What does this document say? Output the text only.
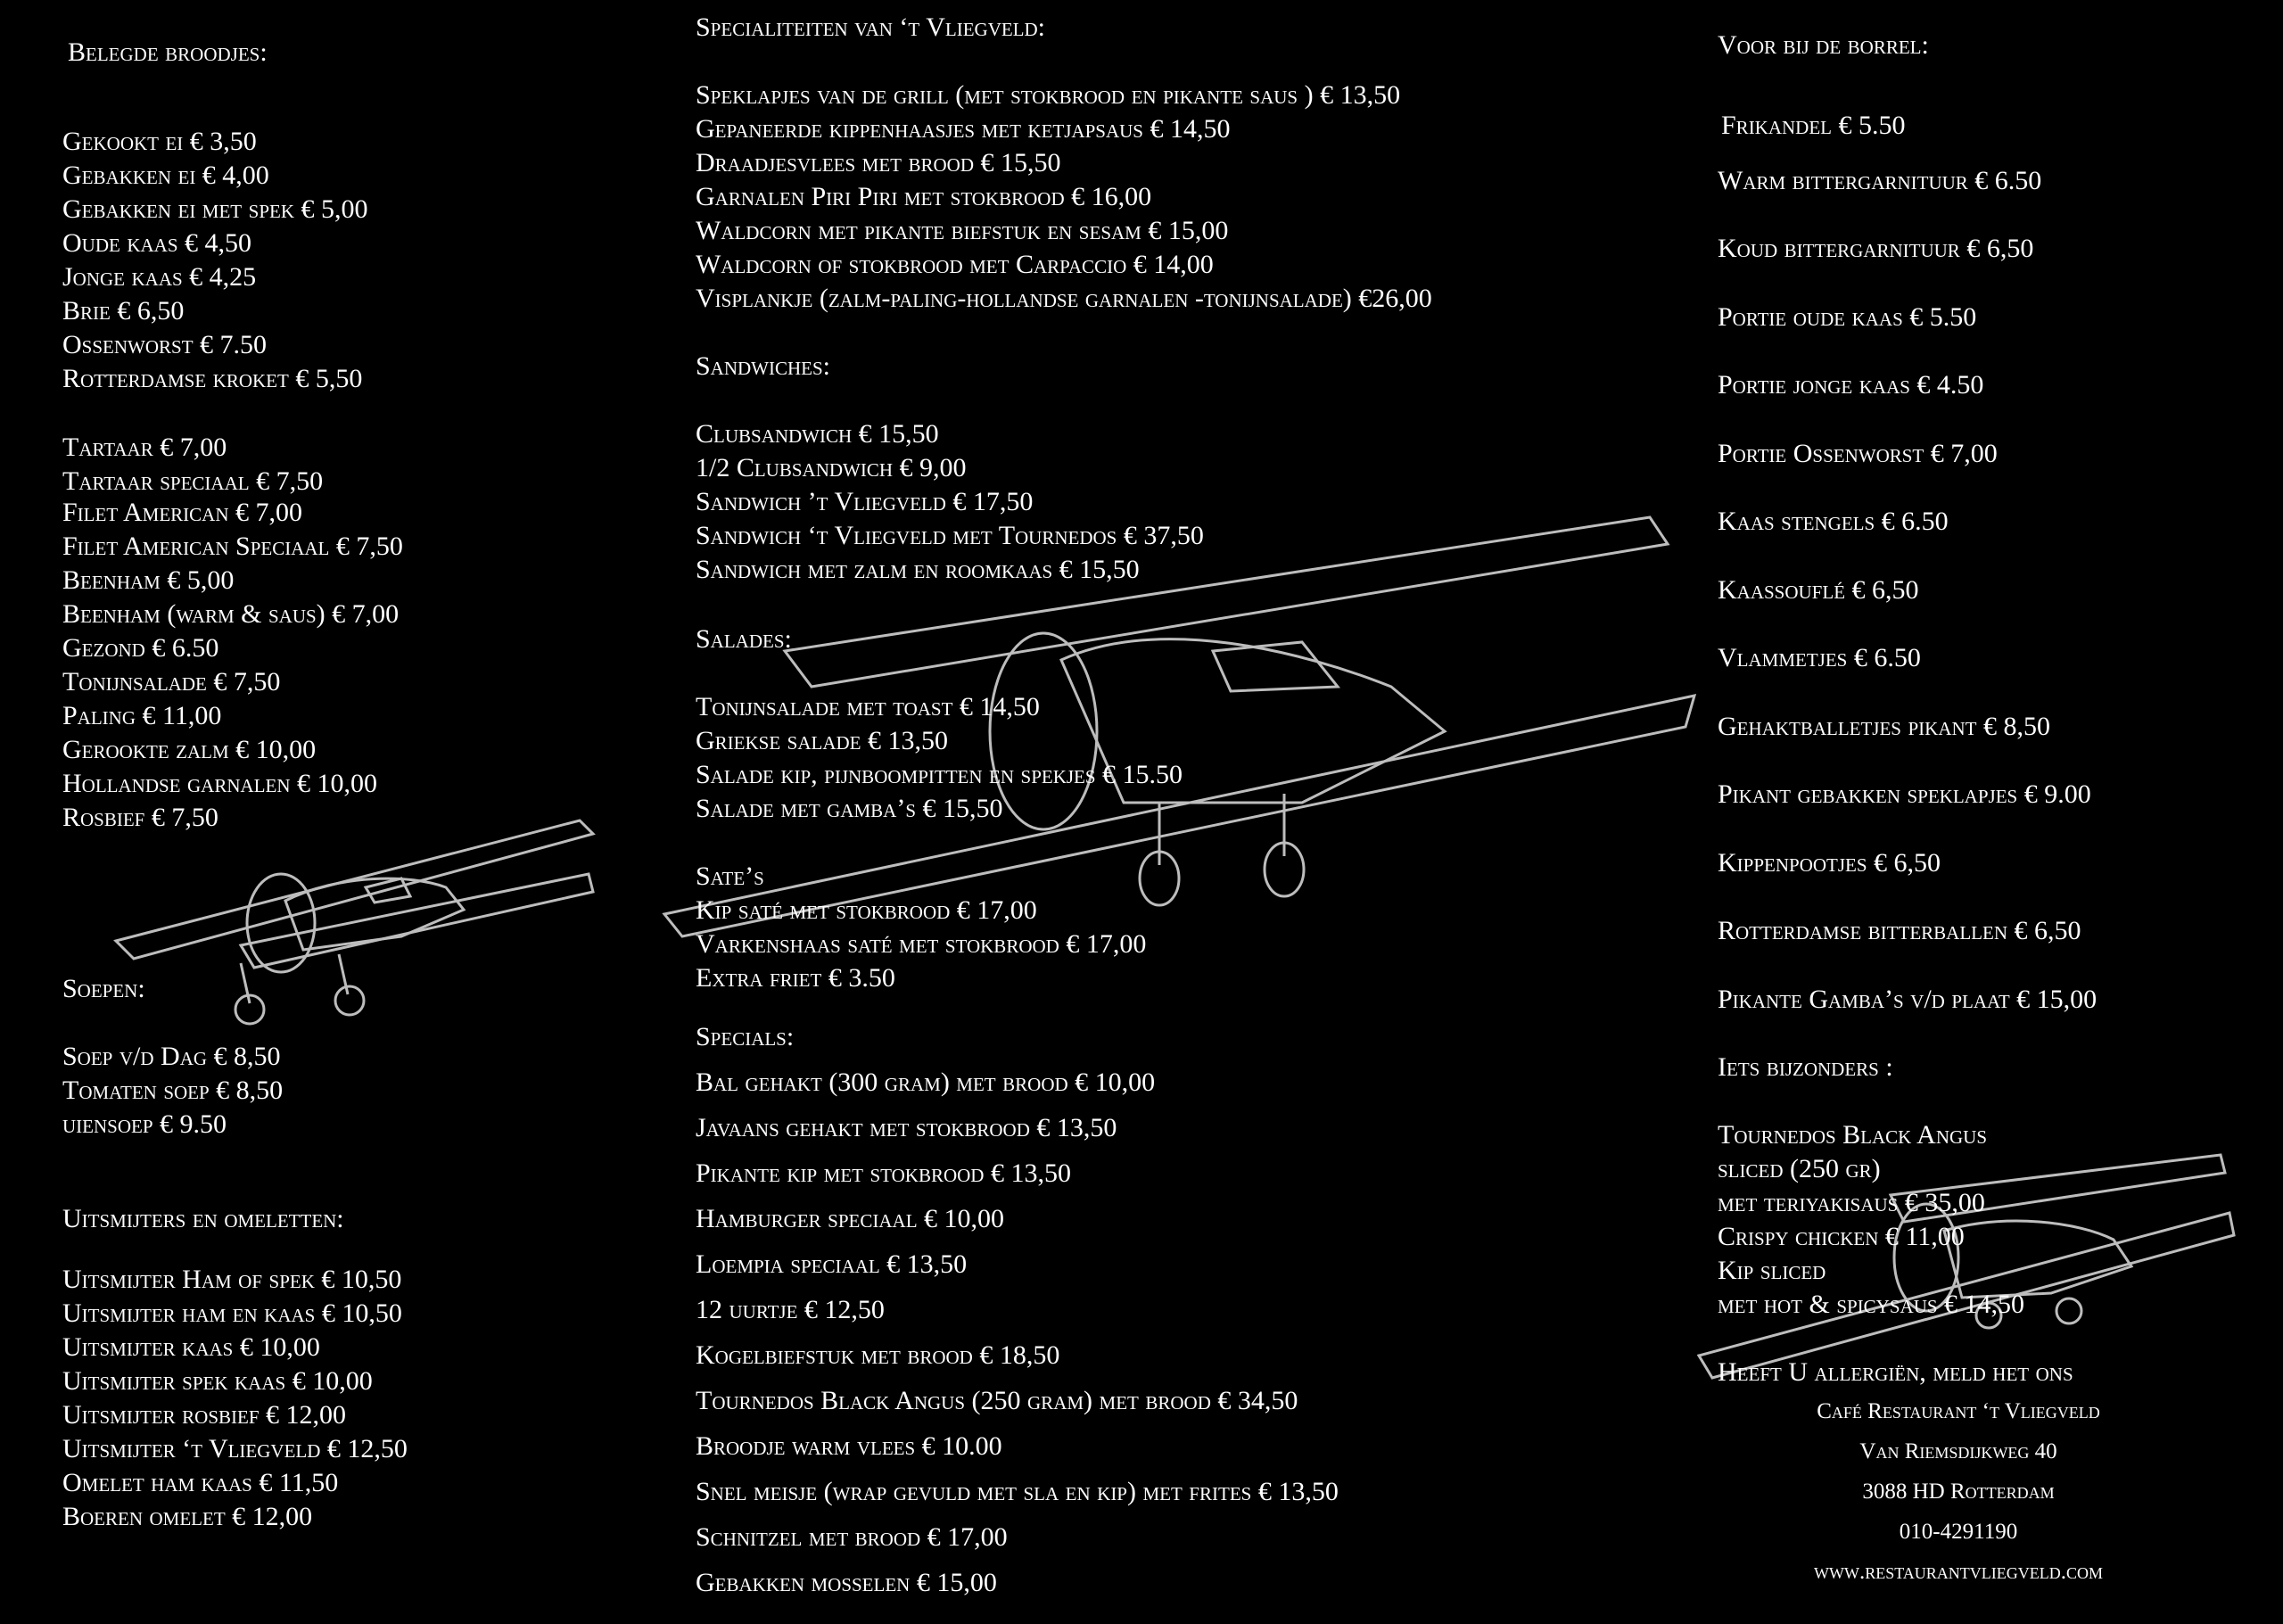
Belegde broodjes:
Gekookt ei € 3,50
Gebakken ei € 4,00
Gebakken ei met spek € 5,00
Oude kaas € 4,50
Jonge kaas € 4,25
Brie € 6,50
Ossenworst € 7.50
Rotterdamse kroket € 5,50
Tartaar € 7,00
Tartaar speciaal € 7,50
Filet American € 7,00
Filet American Speciaal € 7,50
Beenham € 5,00
Beenham (warm & saus) € 7,00
Gezond € 6.50
Tonijnsalade € 7,50
Paling € 11,00
Gerookte zalm € 10,00
Hollandse garnalen € 10,00
Rosbief € 7,50
Soepen:
Soep v/d Dag € 8,50
Tomaten soep € 8,50
uiensoep € 9.50
Uitsmijters en omeletten:
Uitsmijter Ham of spek € 10,50
Uitsmijter ham en kaas € 10,50
Uitsmijter kaas € 10,00
Uitsmijter spek kaas € 10,00
Uitsmijter rosbief € 12,00
Uitsmijter ‘t Vliegveld € 12,50
Omelet ham kaas € 11,50
Boeren omelet € 12,00
Specialiteiten van ‘t Vliegveld:
Speklapjes van de grill (met stokbrood en pikante saus ) € 13,50
Gepaneerde kippenhaasjes met ketjapsaus € 14,50
Draadjesvlees met brood € 15,50
Garnalen Piri Piri met stokbrood € 16,00
Waldcorn met pikante biefstuk en sesam € 15,00
Waldcorn of stokbrood met Carpaccio € 14,00
Visplankje (zalm-paling-hollandse garnalen -tonijnsalade) €26,00
Sandwiches:
Clubsandwich € 15,50
1/2 Clubsandwich € 9,00
Sandwich ’t Vliegveld € 17,50
Sandwich ‘t Vliegveld met Tournedos € 37,50
Sandwich met zalm en roomkaas € 15,50
Salades:
Tonijnsalade met toast € 14,50
Griekse salade € 13,50
Salade kip, pijnboompitten en spekjes € 15.50
Salade met gamba’s € 15,50
Sate’s
Kip saté met stokbrood € 17,00
Varkenshaas saté met stokbrood € 17,00
Extra friet € 3.50
Specials:
Bal gehakt (300 gram) met brood € 10,00
Javaans gehakt met stokbrood € 13,50
Pikante kip met stokbrood € 13,50
Hamburger speciaal € 10,00
Loempia speciaal € 13,50
12 uurtje € 12,50
Kogelbiefstuk met brood € 18,50
Tournedos Black Angus (250 gram) met brood € 34,50
Broodje warm vlees € 10.00
Snel meisje (wrap gevuld met sla en kip) met frites € 13,50
Schnitzel met brood € 17,00
Gebakken mosselen € 15,00
Voor bij de borrel:
Frikandel € 5.50
Warm bittergarnituur € 6.50
Koud bittergarnituur € 6,50
Portie oude kaas € 5.50
Portie jonge kaas € 4.50
Portie Ossenworst € 7,00
Kaas stengels € 6.50
Kaassouflé € 6,50
Vlammetjes € 6.50
Gehaktballetjes pikant € 8,50
Pikant gebakken speklapjes € 9.00
Kippenpootjes € 6,50
Rotterdamse bitterballen € 6,50
Pikante Gamba’s v/d plaat € 15,00
Iets bijzonders :
Tournedos Black Angus
sliced (250 gr)
met teriyakisaus € 35,00
Crispy chicken € 11,00
Kip sliced
met hot & spicysaus € 14,50
Heeft U allergiën, meld het ons
Café Restaurant ‘t Vliegveld
Van Riemsdijkweg 40
3088 HD Rotterdam
010-4291190
www.restaurantvliegveld.com
